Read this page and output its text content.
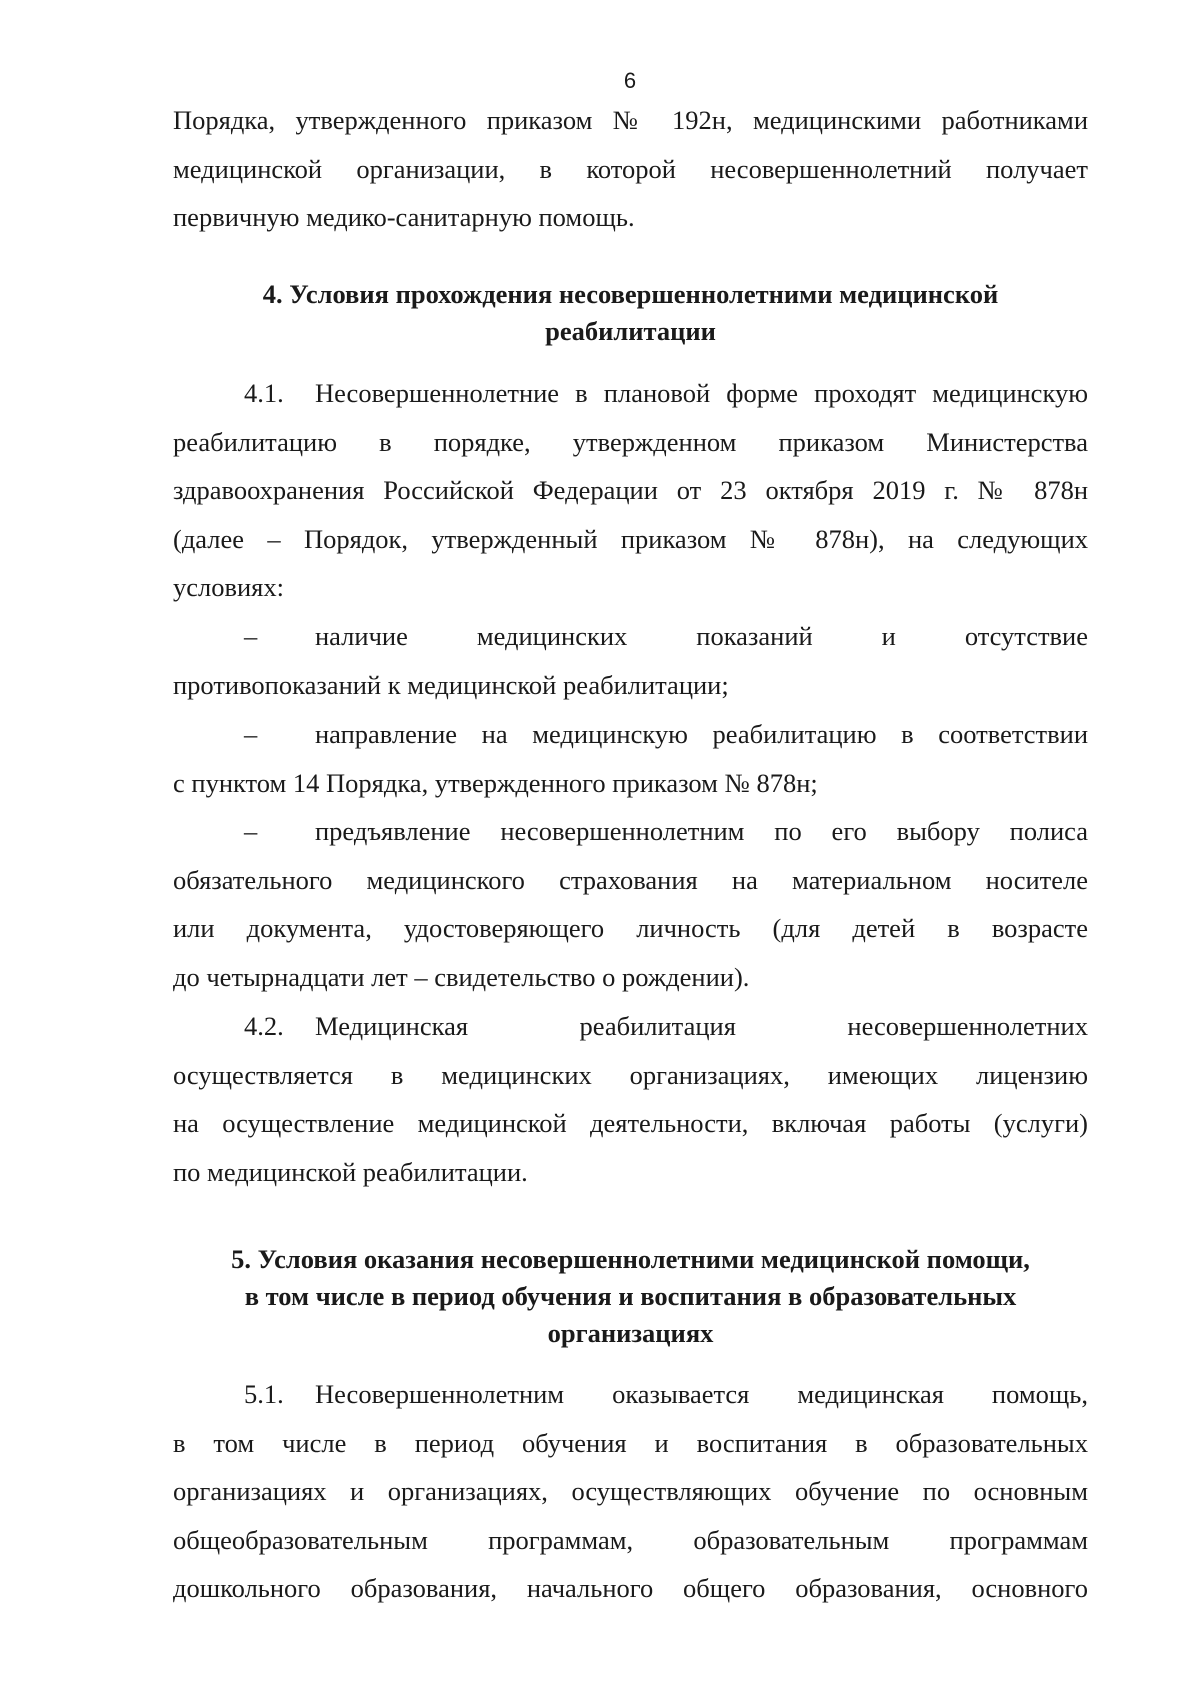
6
Порядка, утвержденного приказом № 192н, медицинскими работниками
медицинской организации, в которой несовершеннолетний получает
первичную медико-санитарную помощь.
4. Условия прохождения несовершеннолетними медицинской
реабилитации
4.1.	Несовершеннолетние в плановой форме проходят медицинскую
реабилитацию в порядке, утвержденном приказом Министерства
здравоохранения Российской Федерации от 23 октября 2019 г. № 878н
(далее – Порядок, утвержденный приказом № 878н), на следующих
условиях:
–	наличие медицинских показаний и отсутствие
противопоказаний к медицинской реабилитации;
–	направление на медицинскую реабилитацию в соответствии
с пунктом 14 Порядка, утвержденного приказом № 878н;
–	предъявление несовершеннолетним по его выбору полиса
обязательного медицинского страхования на материальном носителе
или документа, удостоверяющего личность (для детей в возрасте
до четырнадцати лет – свидетельство о рождении).
4.2.	Медицинская реабилитация несовершеннолетних
осуществляется в медицинских организациях, имеющих лицензию
на осуществление медицинской деятельности, включая работы (услуги)
по медицинской реабилитации.
5. Условия оказания несовершеннолетними медицинской помощи,
в том числе в период обучения и воспитания в образовательных
организациях
5.1.	Несовершеннолетним оказывается медицинская помощь,
в том числе в период обучения и воспитания в образовательных
организациях и организациях, осуществляющих обучение по основным
общеобразовательным программам, образовательным программам
дошкольного образования, начального общего образования, основного
